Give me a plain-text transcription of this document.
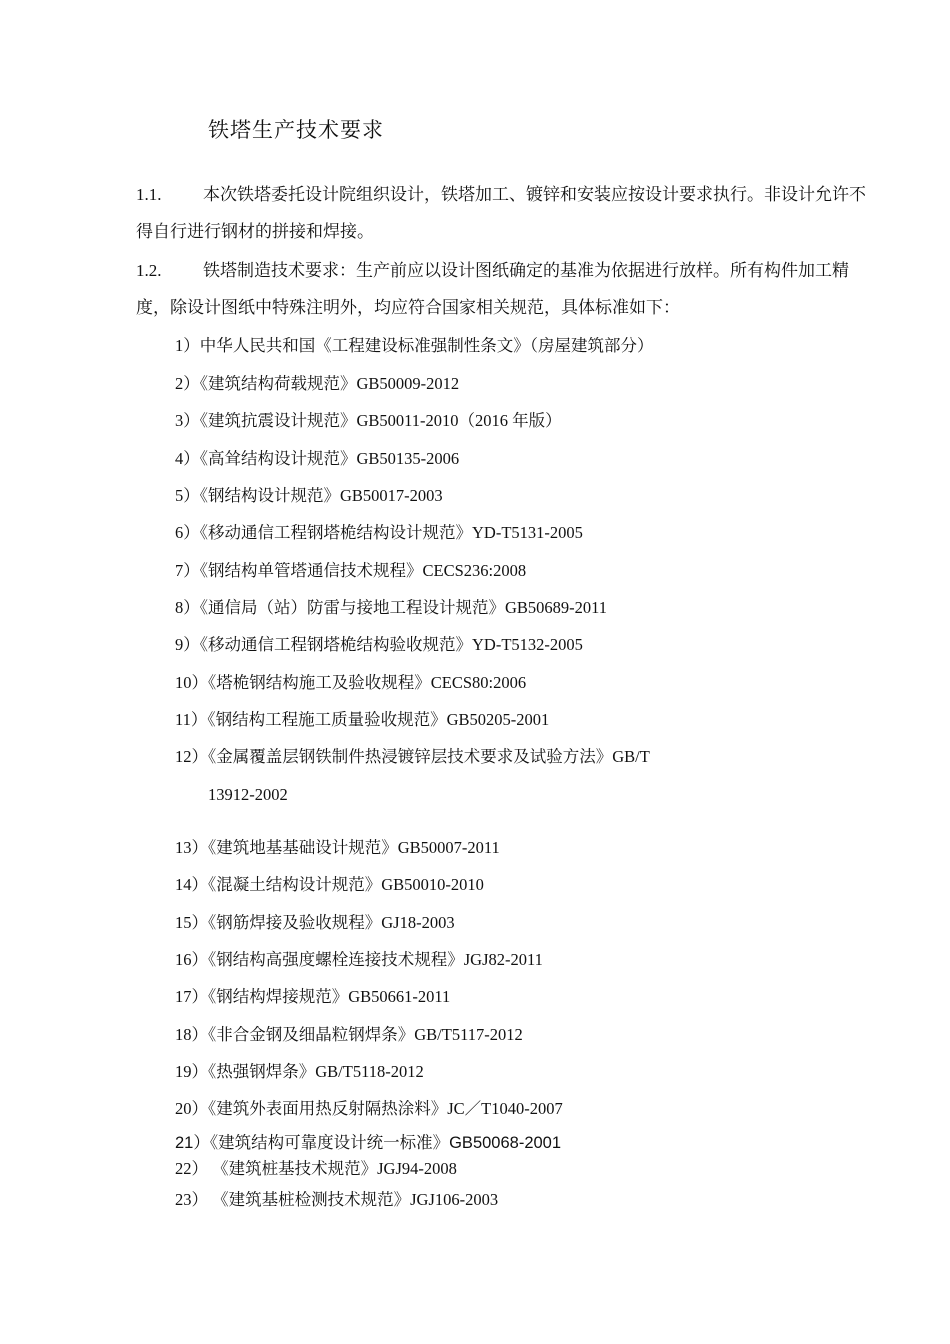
铁塔生产技术要求
1.1. 本次铁塔委托设计院组织设计，铁塔加工、镀锌和安装应按设计要求执行。非设计允许不得自行进行钢材的拼接和焊接。
1.2. 铁塔制造技术要求：生产前应以设计图纸确定的基准为依据进行放样。所有构件加工精度，除设计图纸中特殊注明外，均应符合国家相关规范，具体标准如下：
1）中华人民共和国《工程建设标准强制性条文》（房屋建筑部分）
2）《建筑结构荷载规范》GB50009-2012
3）《建筑抗震设计规范》GB50011-2010（2016 年版）
4）《高耸结构设计规范》GB50135-2006
5）《钢结构设计规范》GB50017-2003
6）《移动通信工程钢塔桅结构设计规范》YD-T5131-2005
7）《钢结构单管塔通信技术规程》CECS236:2008
8）《通信局（站）防雷与接地工程设计规范》GB50689-2011
9）《移动通信工程钢塔桅结构验收规范》YD-T5132-2005
10）《塔桅钢结构施工及验收规程》CECS80:2006
11）《钢结构工程施工质量验收规范》GB50205-2001
12）《金属覆盖层钢铁制件热浸镀锌层技术要求及试验方法》GB/T
13912-2002
13）《建筑地基基础设计规范》GB50007-2011
14）《混凝土结构设计规范》GB50010-2010
15）《钢筋焊接及验收规程》GJ18-2003
16）《钢结构高强度螺栓连接技术规程》JGJ82-2011
17）《钢结构焊接规范》GB50661-2011
18）《非合金钢及细晶粒钢焊条》GB/T5117-2012
19）《热强钢焊条》GB/T5118-2012
20）《建筑外表面用热反射隔热涂料》JC／T1040-2007
21）《建筑结构可靠度设计统一标准》GB50068-2001
22） 《建筑桩基技术规范》JGJ94-2008
23） 《建筑基桩检测技术规范》JGJ106-2003
